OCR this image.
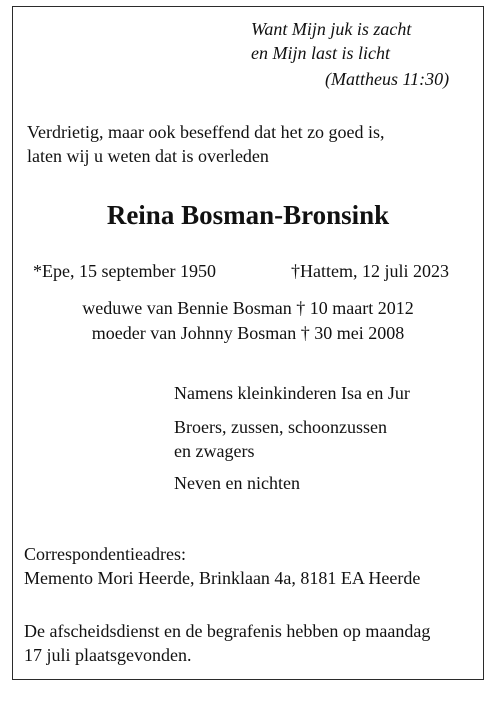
Want Mijn juk is zacht
en Mijn last is licht
(Mattheus 11:30)
Verdrietig, maar ook beseffend dat het zo goed is,
laten wij u weten dat is overleden
Reina Bosman-Bronsink
*Epe, 15 september 1950	†Hattem, 12 juli 2023
weduwe van Bennie Bosman † 10 maart 2012
moeder van Johnny Bosman † 30 mei 2008
Namens kleinkinderen Isa en Jur
Broers, zussen, schoonzussen
en zwagers
Neven en nichten
Correspondentieadres:
Memento Mori Heerde, Brinklaan 4a, 8181 EA Heerde
De afscheidsdienst en de begrafenis hebben op maandag
17 juli plaatsgevonden.
